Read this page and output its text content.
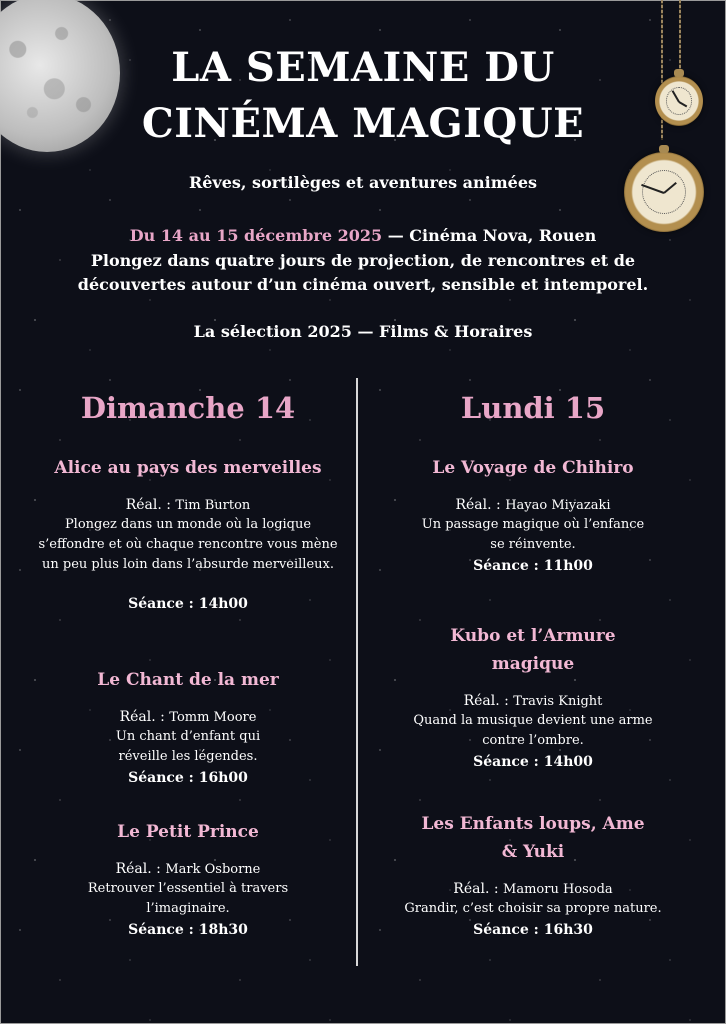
LA SEMAINE DU
CINÉMA MAGIQUE
Rêves, sortilèges et aventures animées
Du 14 au 15 décembre 2025 — Cinéma Nova, Rouen
Plongez dans quatre jours de projection, de rencontres et de découvertes autour d’un cinéma ouvert, sensible et intemporel.
La sélection 2025 — Films & Horaires
Dimanche 14
Alice au pays des merveilles
Réal. : Tim Burton
Plongez dans un monde où la logique s’effondre et où chaque rencontre vous mène un peu plus loin dans l’absurde merveilleux.
Séance : 14h00
Le Chant de la mer
Réal. : Tomm Moore
Un chant d’enfant qui réveille les légendes.
Séance : 16h00
Le Petit Prince
Réal. : Mark Osborne
Retrouver l’essentiel à travers l’imaginaire.
Séance : 18h30
Lundi 15
Le Voyage de Chihiro
Réal. : Hayao Miyazaki
Un passage magique où l’enfance se réinvente.
Séance : 11h00
Kubo et l’Armure magique
Réal. : Travis Knight
Quand la musique devient une arme contre l’ombre.
Séance : 14h00
Les Enfants loups, Ame & Yuki
Réal. : Mamoru Hosoda
Grandir, c’est choisir sa propre nature.
Séance : 16h30
